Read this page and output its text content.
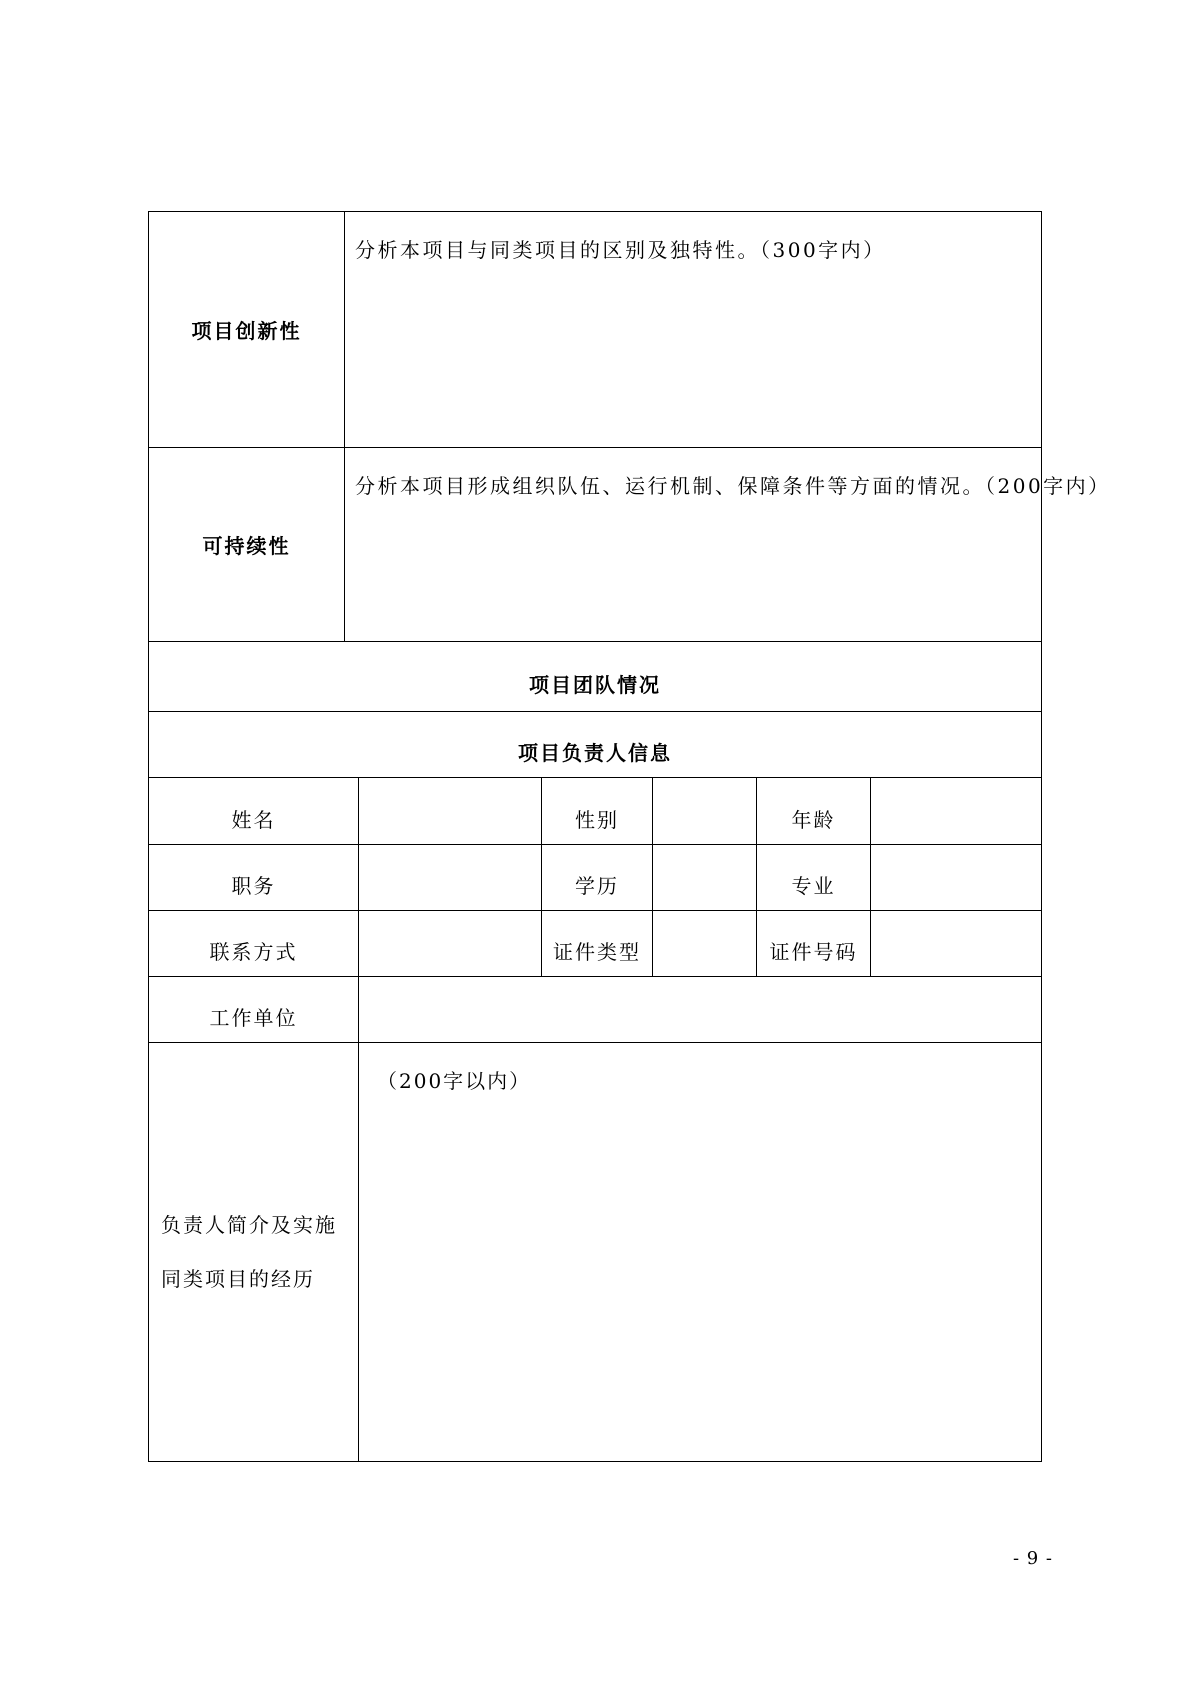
项目创新性	分析本项目与同类项目的区别及独特性。（300字内）					

可持续性	分析本项目形成组织队伍、运行机制、保障条件等方面的情况。（200字内）					

项目团队情况						
项目负责人信息						
姓名			性别		年龄	
职务			学历		专业	
联系方式			证件类型		证件号码	
工作单位						

负责人简介及实施
同类项目的经历		（200字以内）				
- 9 -
